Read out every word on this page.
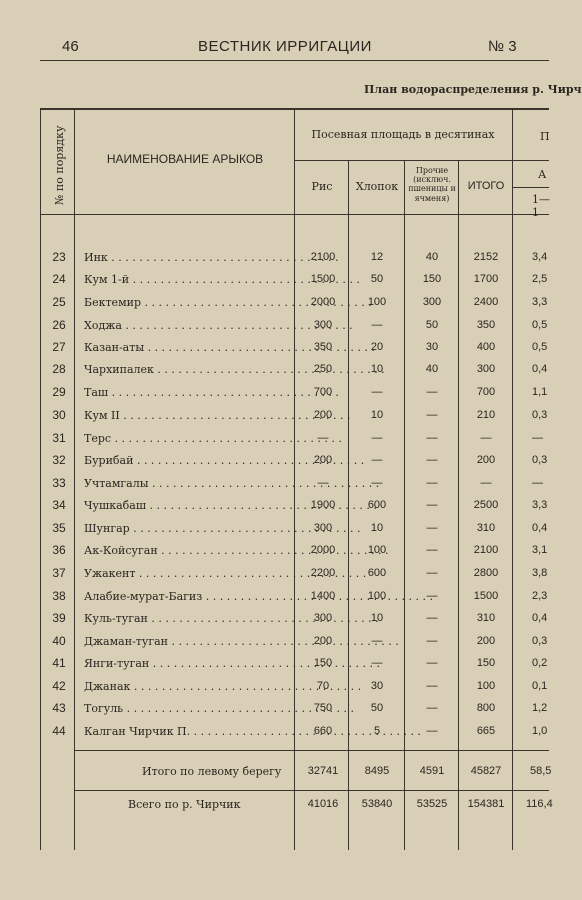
46	ВЕСТНИК ИРРИГАЦИИ	№ 3
План водораспределения р. Чирч
№ по порядку	НАИМЕНОВАНИЕ АРЫКОВ
Посевная площадь в десятинах
Рис	Хлопок
Прочие (исключ. пшеницы и ячменя)
ИТОГО
П
А
1—1
23	Инк . . .	2100	12	40	2152	3,4
24	Кум 1-й . . .	1500	50	150	1700	2,5
25	Бектемир . . .	2000	100	300	2400	3,3
26	Ходжа . . .	300	—	50	350	0,5
27	Казан-аты . . .	350	20	30	400	0,5
28	Чархипалек . . .	250	10	40	300	0,4
29	Таш . . .	700	—	—	700	1,1
30	Кум II . . .	200	10	—	210	0,3
31	Терс . . .	—	—	—	—	—
32	Бурибай . . .	200	—	—	200	0,3
33	Учтамгалы . . .	—	—	—	—	—
34	Чушкабаш . . .	1900	600	—	2500	3,3
35	Шунгар . . .	300	10	—	310	0,4
36	Ак-Койсуган . . .	2000	100	—	2100	3,1
37	Ужакент . . .	2200	600	—	2800	3,8
38	Алабие-мурат-Багиз . . .	1400	100	—	1500	2,3
39	Куль-туган . . .	300	10	—	310	0,4
40	Джаман-туган . . .	200	—	—	200	0,3
41	Янги-туган . . .	150	—	—	150	0,2
42	Джанак . . .	70	30	—	100	0,1
43	Тогуль . . .	750	50	—	800	1,2
44	Калган Чирчик П. . . .	660	5	—	665	1,0
Итого по левому берегу	32741	8495	4591	45827	58,5
Всего по р. Чирчик	41016	53840	53525	154381	116,4
